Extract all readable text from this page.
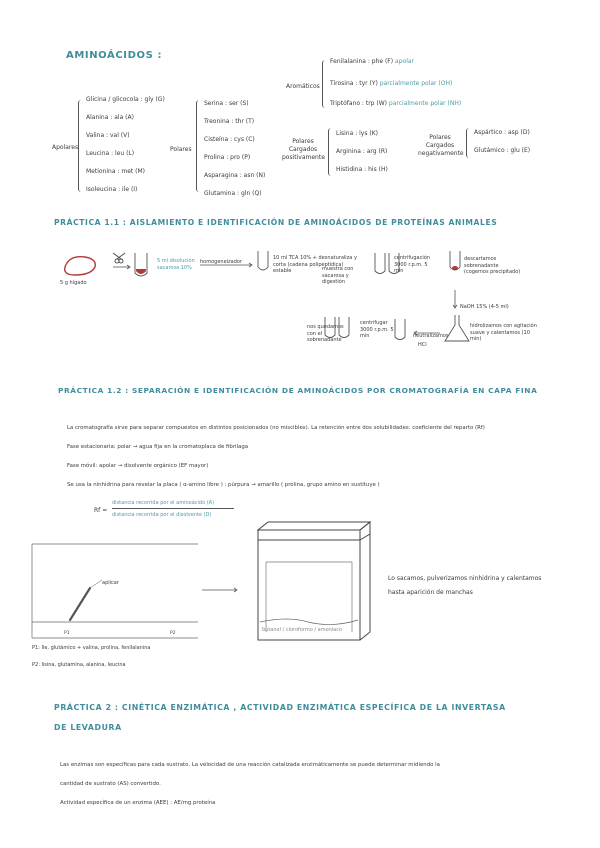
AMINOÁCIDOS :
Apolares
Glicina / glicocola : gly (G)
Alanina : ala (A)
Valina : val (V)
Leucina : leu (L)
Metionina : met (M)
Isoleucina : ile (I)
Polares
Serina : ser (S)
Treonina : thr (T)
Cisteína : cys (C)
Prolina : pro (P)
Asparagina : asn (N)
Glutamina : gln (Q)
Aromáticos
Fenilalanina : phe (F) apolar
Tirosina : tyr (Y) parcialmente polar (OH)
Triptófano : trp (W) parcialmente polar (NH)
Polares Cargados positivamente
Lisina : lys (K)
Arginina : arg (R)
Histidina : his (H)
Polares Cargados negativamente
Aspártico : asp (D)
Glutámico : glu (E)
PRÁCTICA 1.1 : AISLAMIENTO E IDENTIFICACIÓN DE AMINOÁCIDOS DE PROTEÍNAS ANIMALES
5 g hígado
5 ml disolución sacarosa 10%
homogeneizador
10 ml TCA 10% + desnaturaliza y corta (cadena polipeptídica) estable	muestra con sacarosa y digestión
centrifugación 3000 r.p.m. 5 min
descartamos sobrenadante (cogemos precipitado)
NaOH 15% (4-5 ml)
hidrolizamos con agitación suave y calentamos (10 min)
neutralizamos
HCl
centrifugar 3000 r.p.m. 5 min
nos quedamos con el sobrenadante
PRÁCTICA 1.2 : SEPARACIÓN E IDENTIFICACIÓN DE AMINOÁCIDOS POR CROMATOGRAFÍA EN CAPA FINA
La cromatografía sirve para separar compuestos en distintos posicionados (no miscibles). La retención entre dos solubilidades: coeficiente del reparto (Rf)
Fase estacionaria: polar → agua fija en la cromatoplaca de fibrilaga
Fase móvil: apolar → disolvente orgánico (EF mayor)
Se usa la ninhidrina para revelar la placa ( α-amino libre ) : púrpura → amarillo ( prolina, grupo amino en sustituye )
Rf =
distancia recorrida por el aminoácido (A)
distancia recorrida por el disolvente (D)
P1	P2
aplicar
butanol / cloroformo / amoníaco
Lo sacamos, pulverizamos ninhidrina y calentamos hasta aparición de manchas
P1: Ile, glutámico + valina, prolina, fenilalanina
P2: lisina, glutamina, alanina, leucina
PRÁCTICA 2 : CINÉTICA ENZIMÁTICA , ACTIVIDAD ENZIMÁTICA ESPECÍFICA DE LA INVERTASA
DE LEVADURA
Las enzimas son específicas para cada sustrato. La velocidad de una reacción catalizada enzimáticamente se puede determinar midiendo la
cantidad de sustrato (AS) convertido.
Actividad específica de un enzima (AEE) : AE/mg proteína
